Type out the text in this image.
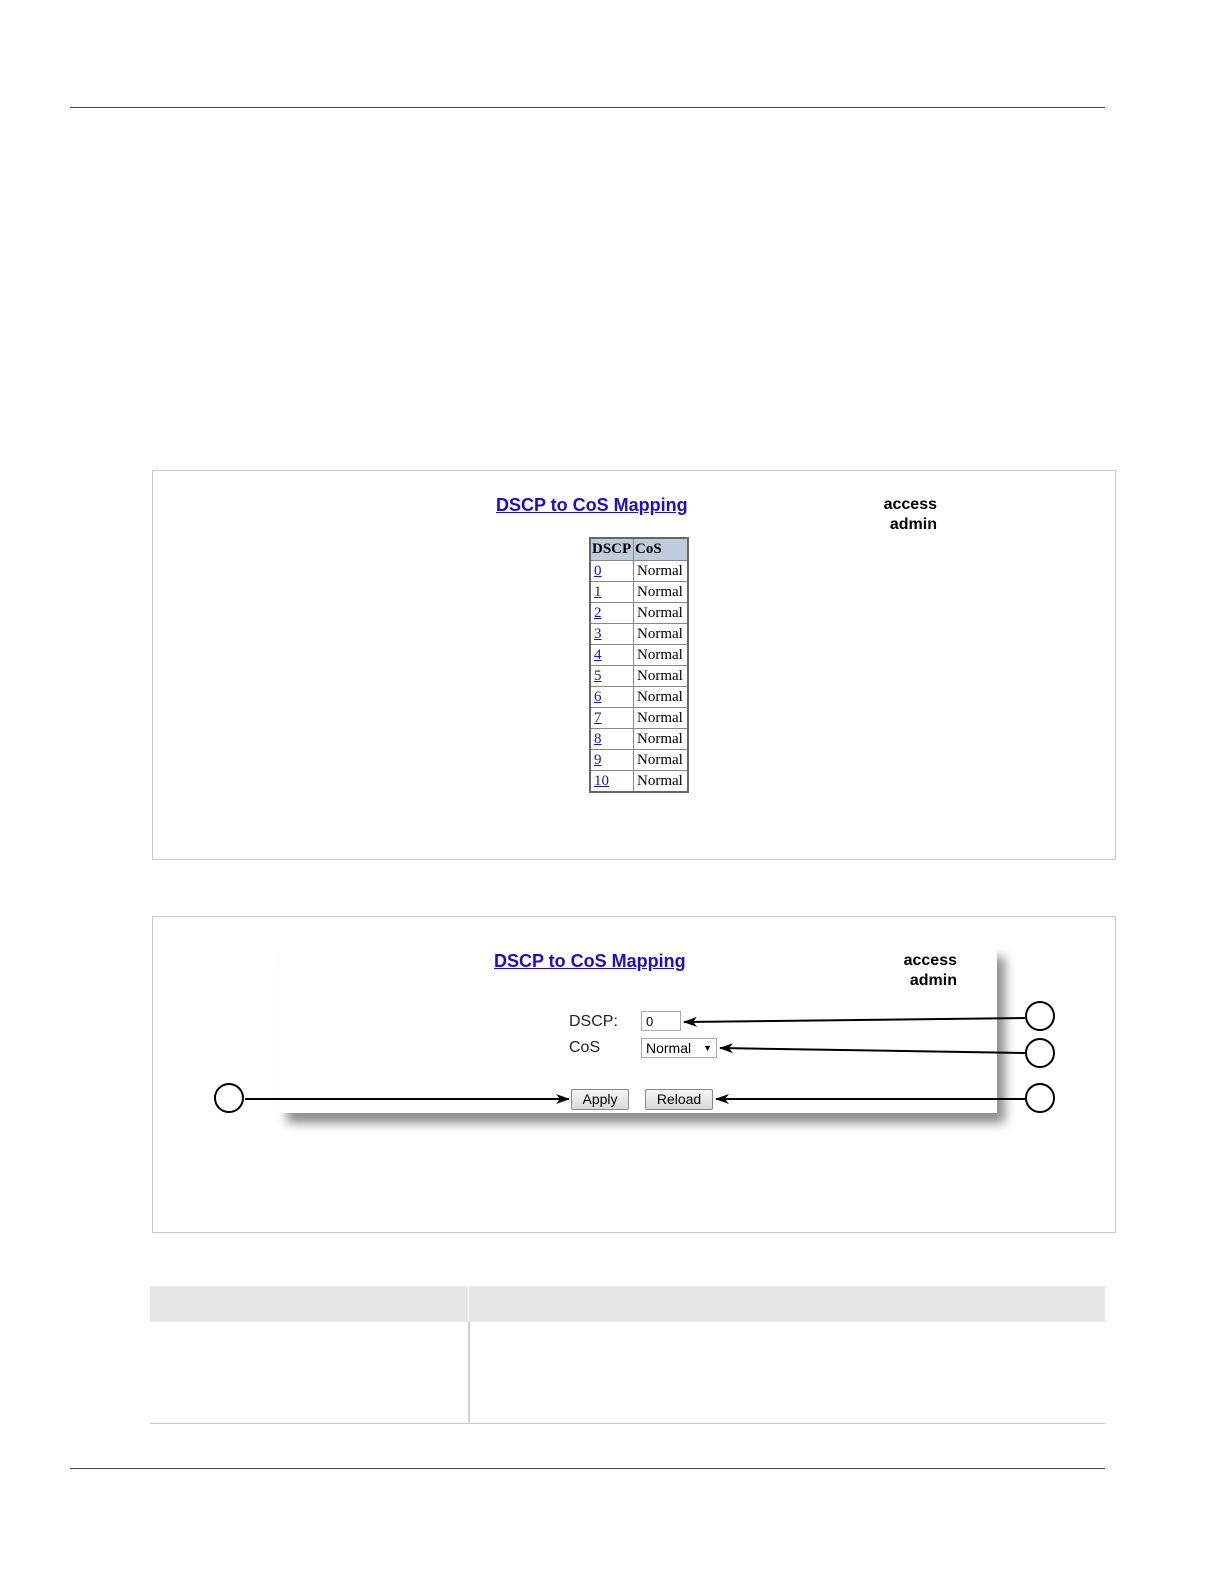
DSCP to CoS Mapping	access
admin
DSCP	CoS
0	Normal
1	Normal
2	Normal
3	Normal
4	Normal
5	Normal
6	Normal
7	Normal
8	Normal
9	Normal
10	Normal
DSCP to CoS Mapping	access
admin
DSCP:
0
CoS	Normal ▼
Apply	Reload
